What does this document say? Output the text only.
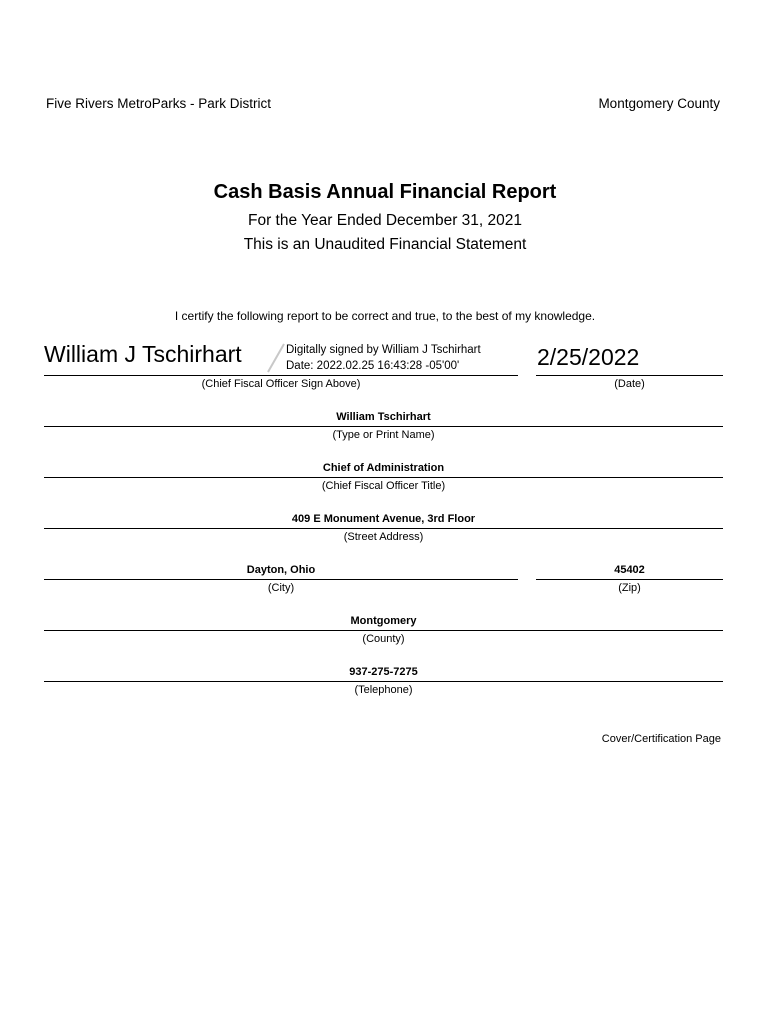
Five Rivers MetroParks - Park District	Montgomery County
Cash Basis Annual Financial Report
For the Year Ended December 31, 2021
This is an Unaudited Financial Statement
I certify the following report to be correct and true, to the best of my knowledge.
William J Tschirhart	Digitally signed by William J Tschirhart
Date: 2022.02.25 16:43:28 -05'00'	2/25/2022
(Chief Fiscal Officer Sign Above)	(Date)
William Tschirhart
(Type or Print Name)
Chief of Administration
(Chief Fiscal Officer Title)
409 E Monument Avenue, 3rd Floor
(Street Address)
Dayton, Ohio
(City)
45402
(Zip)
Montgomery
(County)
937-275-7275
(Telephone)
Cover/Certification Page
